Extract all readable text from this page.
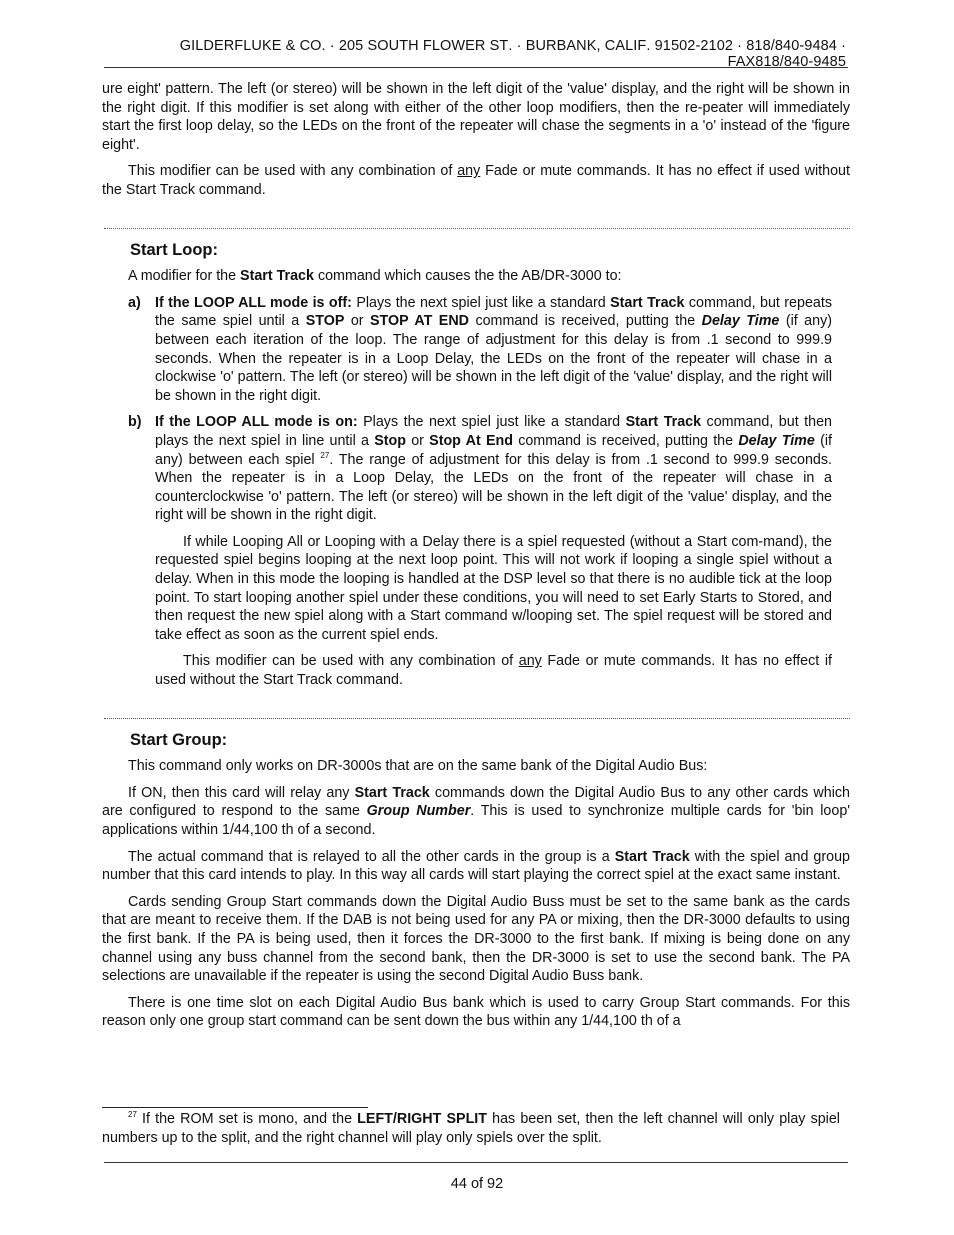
GILDERFLUKE & CO. · 205 SOUTH FLOWER ST. · BURBANK, CALIF. 91502-2102 · 818/840-9484 · FAX818/840-9485

ure eight' pattern. The left (or stereo) will be shown in the left digit of the 'value' display, and the right will be shown in the right digit. If this modifier is set along with either of the other loop modifiers, then the re-peater will immediately start the first loop delay, so the LEDs on the front of the repeater will chase the segments in a 'o' instead of the 'figure eight'.

This modifier can be used with any combination of any Fade or mute commands. It has no effect if used without the Start Track command.

Start Loop:

A modifier for the Start Track command which causes the the AB/DR-3000 to:

a) If the LOOP ALL mode is off: Plays the next spiel just like a standard Start Track command, but repeats the same spiel until a STOP or STOP AT END command is received, putting the Delay Time (if any) between each iteration of the loop. The range of adjustment for this delay is from .1 second to 999.9 seconds. When the repeater is in a Loop Delay, the LEDs on the front of the repeater will chase in a clockwise 'o' pattern. The left (or stereo) will be shown in the left digit of the 'value' display, and the right will be shown in the right digit.
b) If the LOOP ALL mode is on: Plays the next spiel just like a standard Start Track command, but then plays the next spiel in line until a Stop or Stop At End command is received, putting the Delay Time (if any) between each spiel $^{27}$. The range of adjustment for this delay is from .1 second to 999.9 seconds. When the repeater is in a Loop Delay, the LEDs on the front of the repeater will chase in a counterclockwise 'o' pattern. The left (or stereo) will be shown in the left digit of the 'value' display, and the right will be shown in the right digit.

If while Looping All or Looping with a Delay there is a spiel requested (without a Start com-mand), the requested spiel begins looping at the next loop point. This will not work if looping a single spiel without a delay. When in this mode the looping is handled at the DSP level so that there is no audible tick at the loop point. To start looping another spiel under these conditions, you will need to set Early Starts to Stored, and then request the new spiel along with a Start command w/looping set. The spiel request will be stored and take effect as soon as the current spiel ends.

This modifier can be used with any combination of any Fade or mute commands. It has no effect if used without the Start Track command.

Start Group:

This command only works on DR-3000s that are on the same bank of the Digital Audio Bus:

If ON, then this card will relay any Start Track commands down the Digital Audio Bus to any other cards which are configured to respond to the same Group Number. This is used to synchronize multiple cards for 'bin loop' applications within 1/44,100 th of a second.

The actual command that is relayed to all the other cards in the group is a Start Track with the spiel and group number that this card intends to play. In this way all cards will start playing the correct spiel at the exact same instant.

Cards sending Group Start commands down the Digital Audio Buss must be set to the same bank as the cards that are meant to receive them. If the DAB is not being used for any PA or mixing, then the DR-3000 defaults to using the first bank. If the PA is being used, then it forces the DR-3000 to the first bank. If mixing is being done on any channel using any buss channel from the second bank, then the DR-3000 is set to use the second bank. The PA selections are unavailable if the repeater is using the second Digital Audio Buss bank.

There is one time slot on each Digital Audio Bus bank which is used to carry Group Start commands. For this reason only one group start command can be sent down the bus within any 1/44,100 th of a

$^{27}$ If the ROM set is mono, and the LEFT/RIGHT SPLIT has been set, then the left channel will only play spiel numbers up to the split, and the right channel will play only spiels over the split.
44 of 92
